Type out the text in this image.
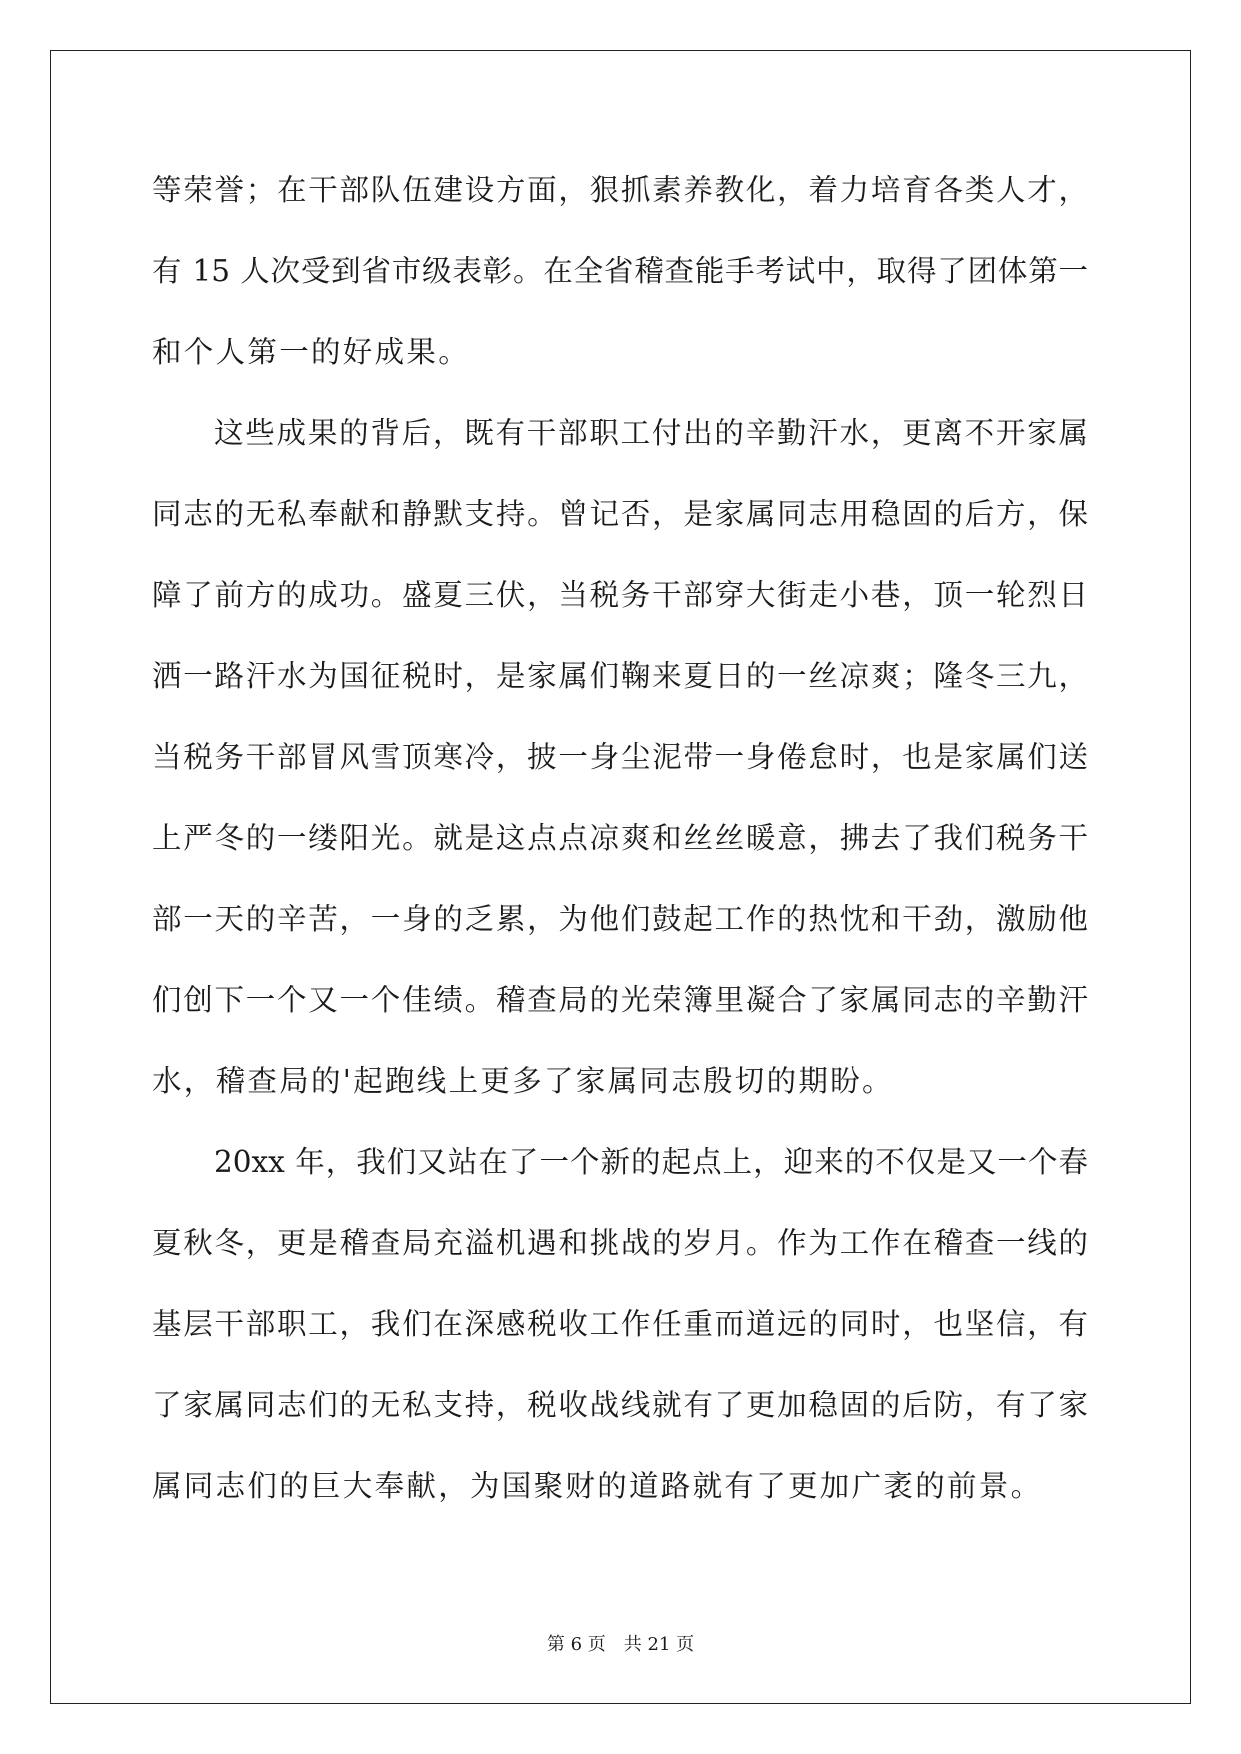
等荣誉；在干部队伍建设方面，狠抓素养教化，着力培育各类人才，
有 15 人次受到省市级表彰。在全省稽查能手考试中，取得了团体第一
和个人第一的好成果。
这些成果的背后，既有干部职工付出的辛勤汗水，更离不开家属
同志的无私奉献和静默支持。曾记否，是家属同志用稳固的后方，保
障了前方的成功。盛夏三伏，当税务干部穿大街走小巷，顶一轮烈日
洒一路汗水为国征税时，是家属们鞠来夏日的一丝凉爽；隆冬三九，
当税务干部冒风雪顶寒冷，披一身尘泥带一身倦怠时，也是家属们送
上严冬的一缕阳光。就是这点点凉爽和丝丝暖意，拂去了我们税务干
部一天的辛苦，一身的乏累，为他们鼓起工作的热忱和干劲，激励他
们创下一个又一个佳绩。稽查局的光荣簿里凝合了家属同志的辛勤汗
水，稽查局的'起跑线上更多了家属同志殷切的期盼。
20xx 年，我们又站在了一个新的起点上，迎来的不仅是又一个春
夏秋冬，更是稽查局充溢机遇和挑战的岁月。作为工作在稽查一线的
基层干部职工，我们在深感税收工作任重而道远的同时，也坚信，有
了家属同志们的无私支持，税收战线就有了更加稳固的后防，有了家
属同志们的巨大奉献，为国聚财的道路就有了更加广袤的前景。
第 6 页　共 21 页
